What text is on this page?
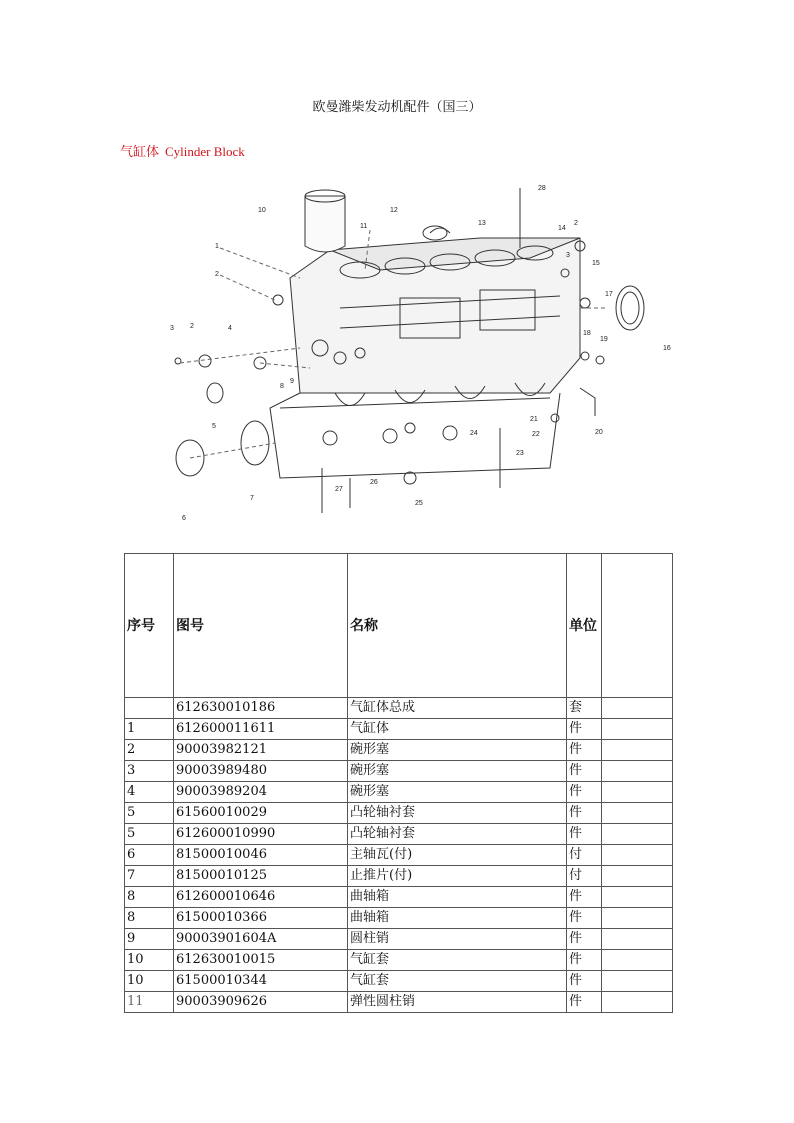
欧曼潍柴发动机配件（国三）
气缸体 Cylinder Block
1
2
3 2	4
5
6
7
8
9
10
11
12
13
14
2
3
15
17
16
18
19
20
21
22
23
24
25
26
27
28
序号	图号	名称	单位	
	612630010186	气缸体总成	套	
1	612600011611	气缸体	件	
2	90003982121	碗形塞	件	
3	90003989480	碗形塞	件	
4	90003989204	碗形塞	件	
5	61560010029	凸轮轴衬套	件	
5	612600010990	凸轮轴衬套	件	
6	81500010046	主轴瓦(付)	付	
7	81500010125	止推片(付)	付	
8	612600010646	曲轴箱	件	
8	61500010366	曲轴箱	件	
9	90003901604A	圆柱销	件	
10	612630010015	气缸套	件	
10	61500010344	气缸套	件	
11	90003909626	弹性圆柱销	件	
